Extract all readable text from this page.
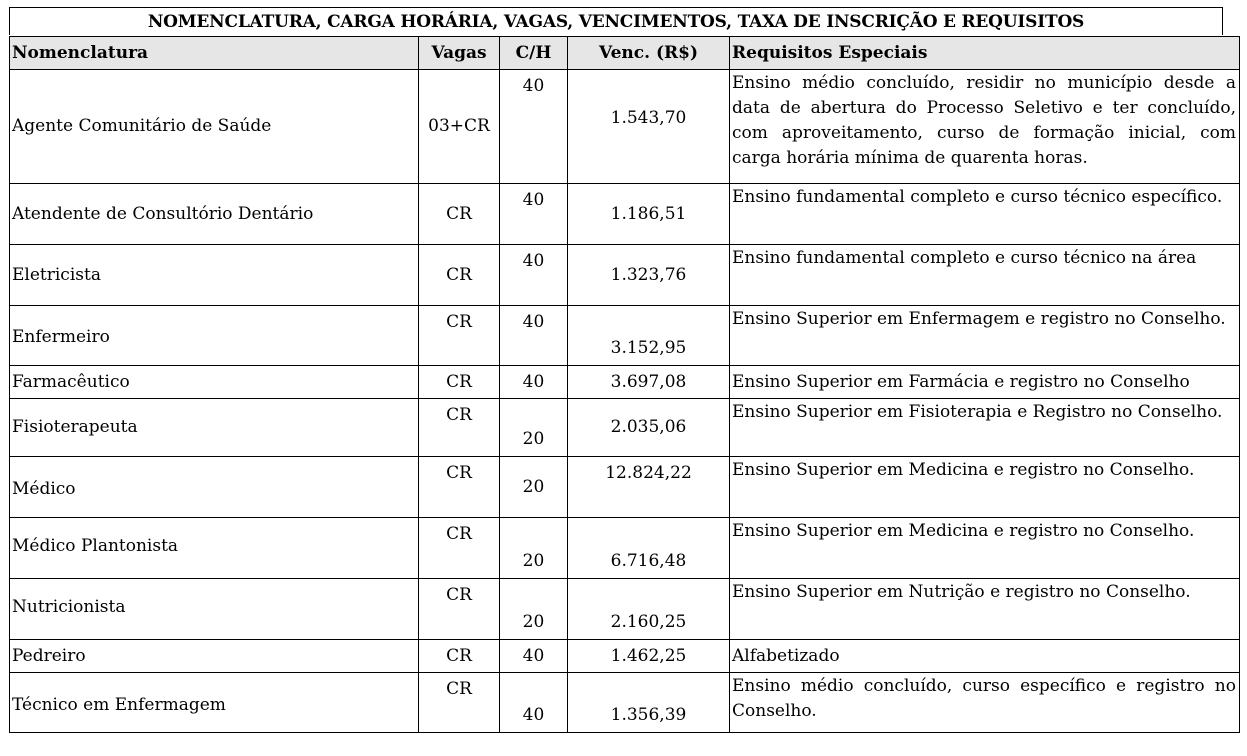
NOMENCLATURA, CARGA HORÁRIA, VAGAS, VENCIMENTOS, TAXA DE INSCRIÇÃO E REQUISITOS
Nomenclatura	Vagas	C/H	Venc. (R$)	Requisitos Especiais
Agente Comunitário de Saúde	03+CR	40	1.543,70	Ensino médio concluído, residir no município desde a data de abertura do Processo Seletivo e ter concluído, com aproveitamento, curso de formação inicial, com carga horária mínima de quarenta horas.
Atendente de Consultório Dentário	CR	40	1.186,51	Ensino fundamental completo e curso técnico específico.
Eletricista	CR	40	1.323,76	Ensino fundamental completo e curso técnico na área
Enfermeiro	CR	40	3.152,95	Ensino Superior em Enfermagem e registro no Conselho.
Farmacêutico	CR	40	3.697,08	Ensino Superior em Farmácia e registro no Conselho
Fisioterapeuta	CR	20	2.035,06	Ensino Superior em Fisioterapia e Registro no Conselho.
Médico	CR	20	12.824,22	Ensino Superior em Medicina e registro no Conselho.
Médico Plantonista	CR	20	6.716,48	Ensino Superior em Medicina e registro no Conselho.
Nutricionista	CR	20	2.160,25	Ensino Superior em Nutrição e registro no Conselho.
Pedreiro	CR	40	1.462,25	Alfabetizado
Técnico em Enfermagem	CR	40	1.356,39	Ensino médio concluído, curso específico e registro no Conselho.
